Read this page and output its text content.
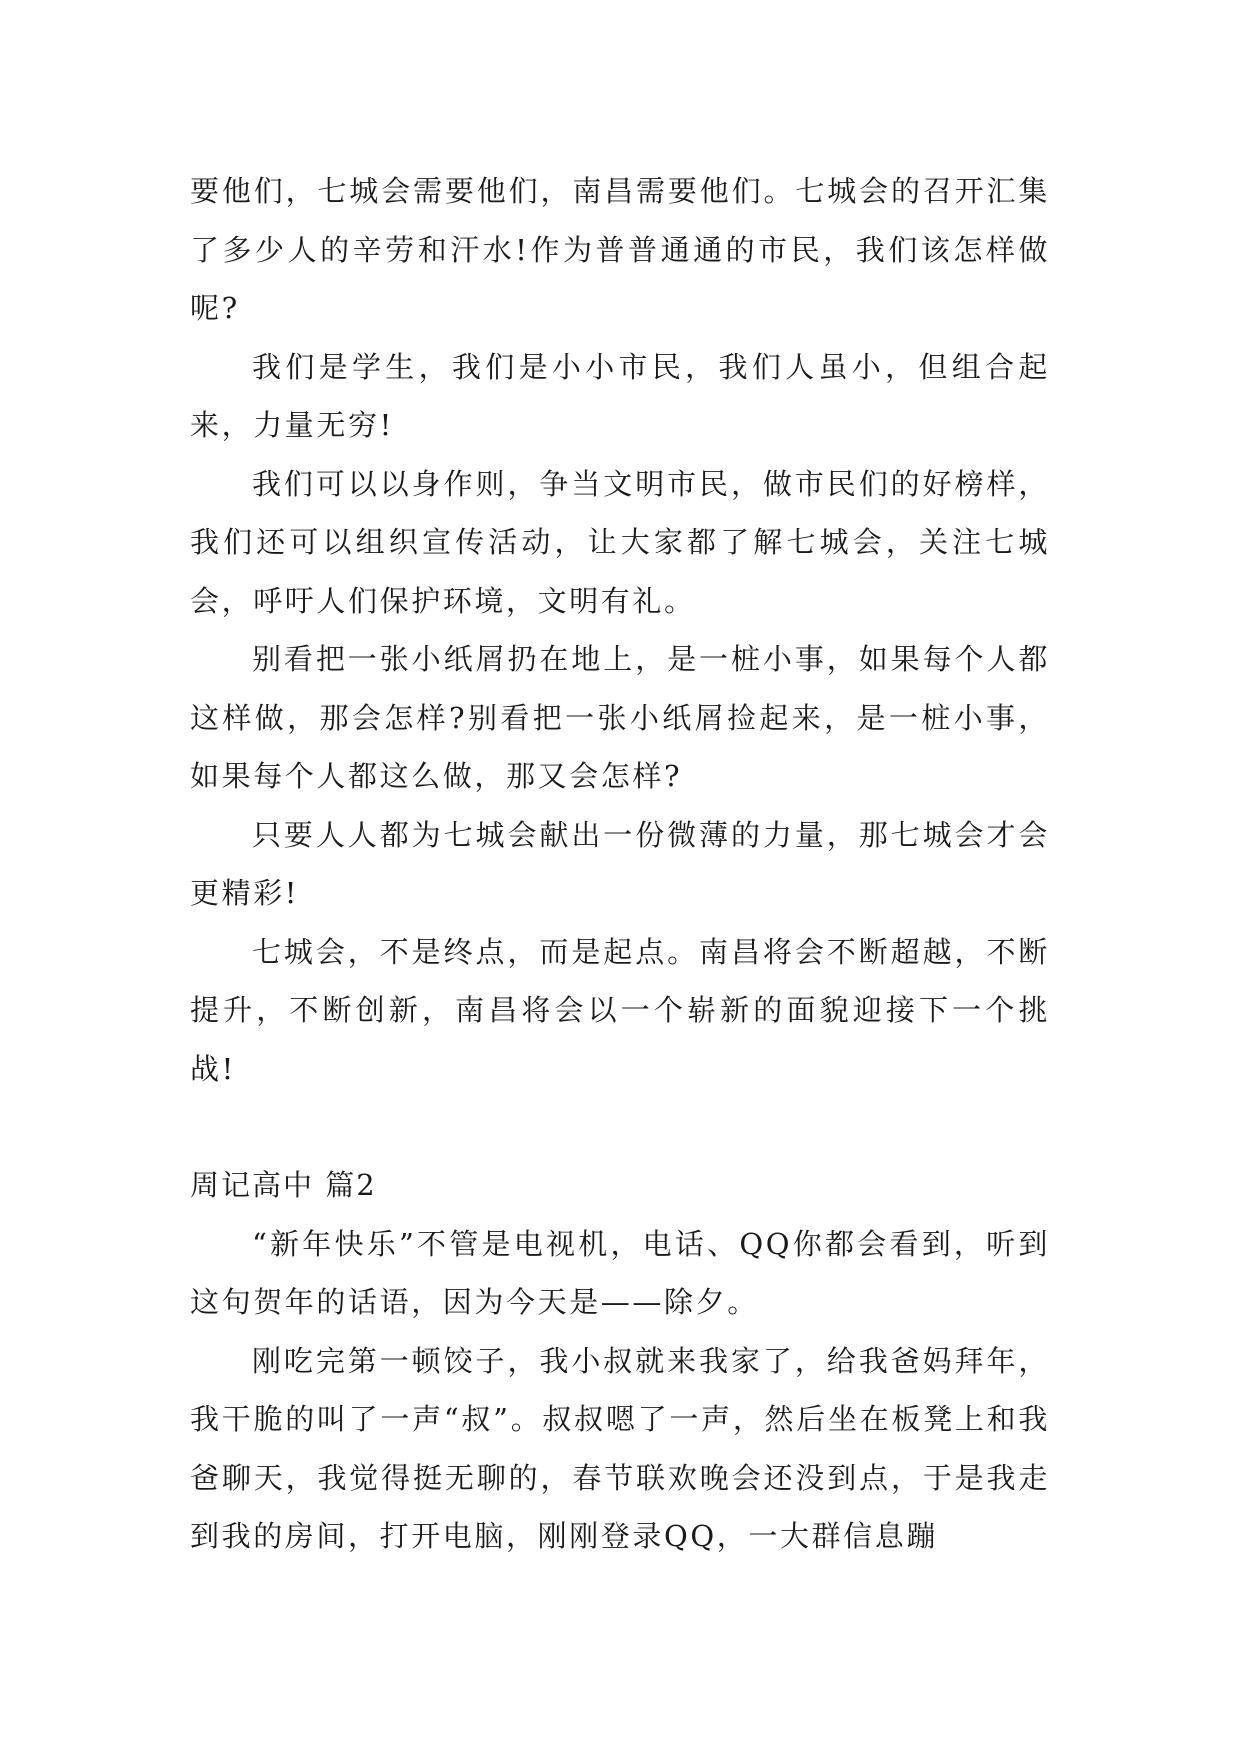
要他们，七城会需要他们，南昌需要他们。七城会的召开汇集了多少人的辛劳和汗水!作为普普通通的市民，我们该怎样做呢?

我们是学生，我们是小小市民，我们人虽小，但组合起来，力量无穷!

我们可以以身作则，争当文明市民，做市民们的好榜样，我们还可以组织宣传活动，让大家都了解七城会，关注七城会，呼吁人们保护环境，文明有礼。

别看把一张小纸屑扔在地上，是一桩小事，如果每个人都这样做，那会怎样?别看把一张小纸屑捡起来，是一桩小事，如果每个人都这么做，那又会怎样?

只要人人都为七城会献出一份微薄的力量，那七城会才会更精彩!

七城会，不是终点，而是起点。南昌将会不断超越，不断提升，不断创新，南昌将会以一个崭新的面貌迎接下一个挑战!

周记高中 篇2

“新年快乐”不管是电视机，电话、QQ你都会看到，听到这句贺年的话语，因为今天是——除夕。

刚吃完第一顿饺子，我小叔就来我家了，给我爸妈拜年，我干脆的叫了一声“叔”。叔叔嗯了一声，然后坐在板凳上和我爸聊天，我觉得挺无聊的，春节联欢晚会还没到点，于是我走到我的房间，打开电脑，刚刚登录QQ，一大群信息蹦
